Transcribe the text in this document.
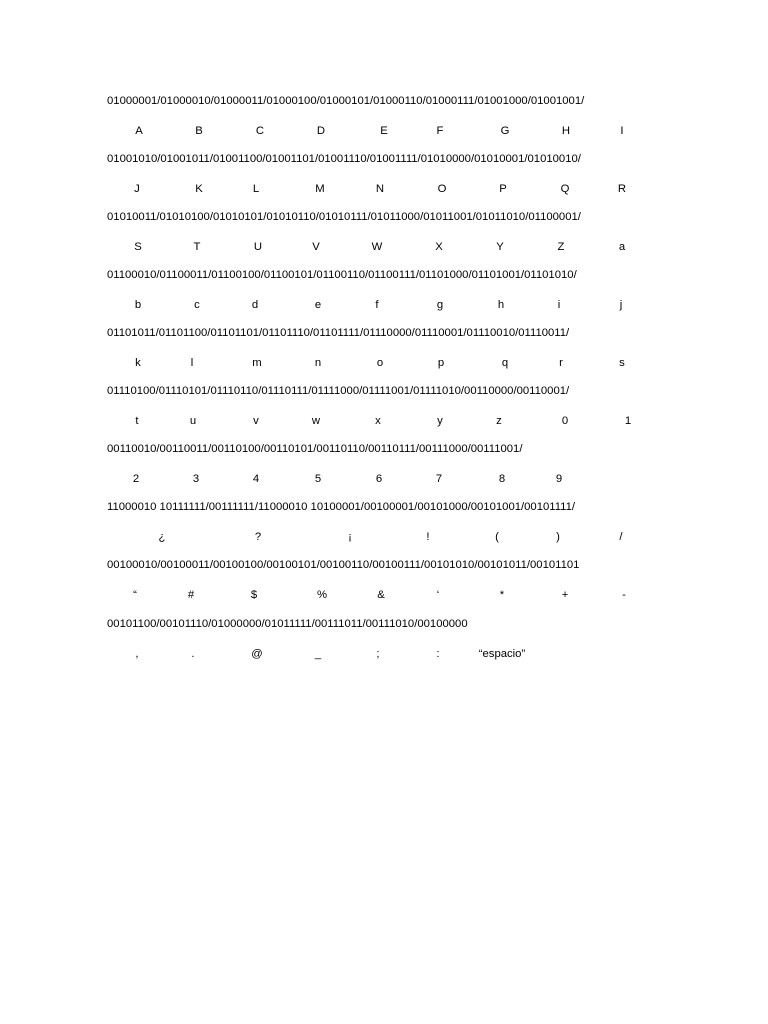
01000001/01000010/01000011/01000100/01000101/01000110/01000111/01001000/01001001/
A	B	C	D	E	F	G	H	I
01001010/01001011/01001100/01001101/01001110/01001111/01010000/01010001/01010010/
J	K	L	M	N	O	P	Q	R
01010011/01010100/01010101/01010110/01010111/01011000/01011001/01011010/01100001/
S	T	U	V	W	X	Y	Z	a
01100010/01100011/01100100/01100101/01100110/01100111/01101000/01101001/01101010/
b	c	d	e	f	g	h	i	j
01101011/01101100/01101101/01101110/01101111/01110000/01110001/01110010/01110011/
k	l	m	n	o	p	q	r	s
01110100/01110101/01110110/01110111/01111000/01111001/01111010/00110000/00110001/
t	u	v	w	x	y	z	0	1
00110010/00110011/00110100/00110101/00110110/00110111/00111000/00111001/
2	3	4	5	6	7	8	9
11000010 10111111/00111111/11000010 10100001/00100001/00101000/00101001/00101111/
¿	?	¡	!	(	)	/
00100010/00100011/00100100/00100101/00100110/00100111/00101010/00101011/00101101
“	#	$	%	&	‘	*	+	-
00101100/00101110/01000000/01011111/00111011/00111010/00100000
,	.	@	_	;	:	“espacio”
